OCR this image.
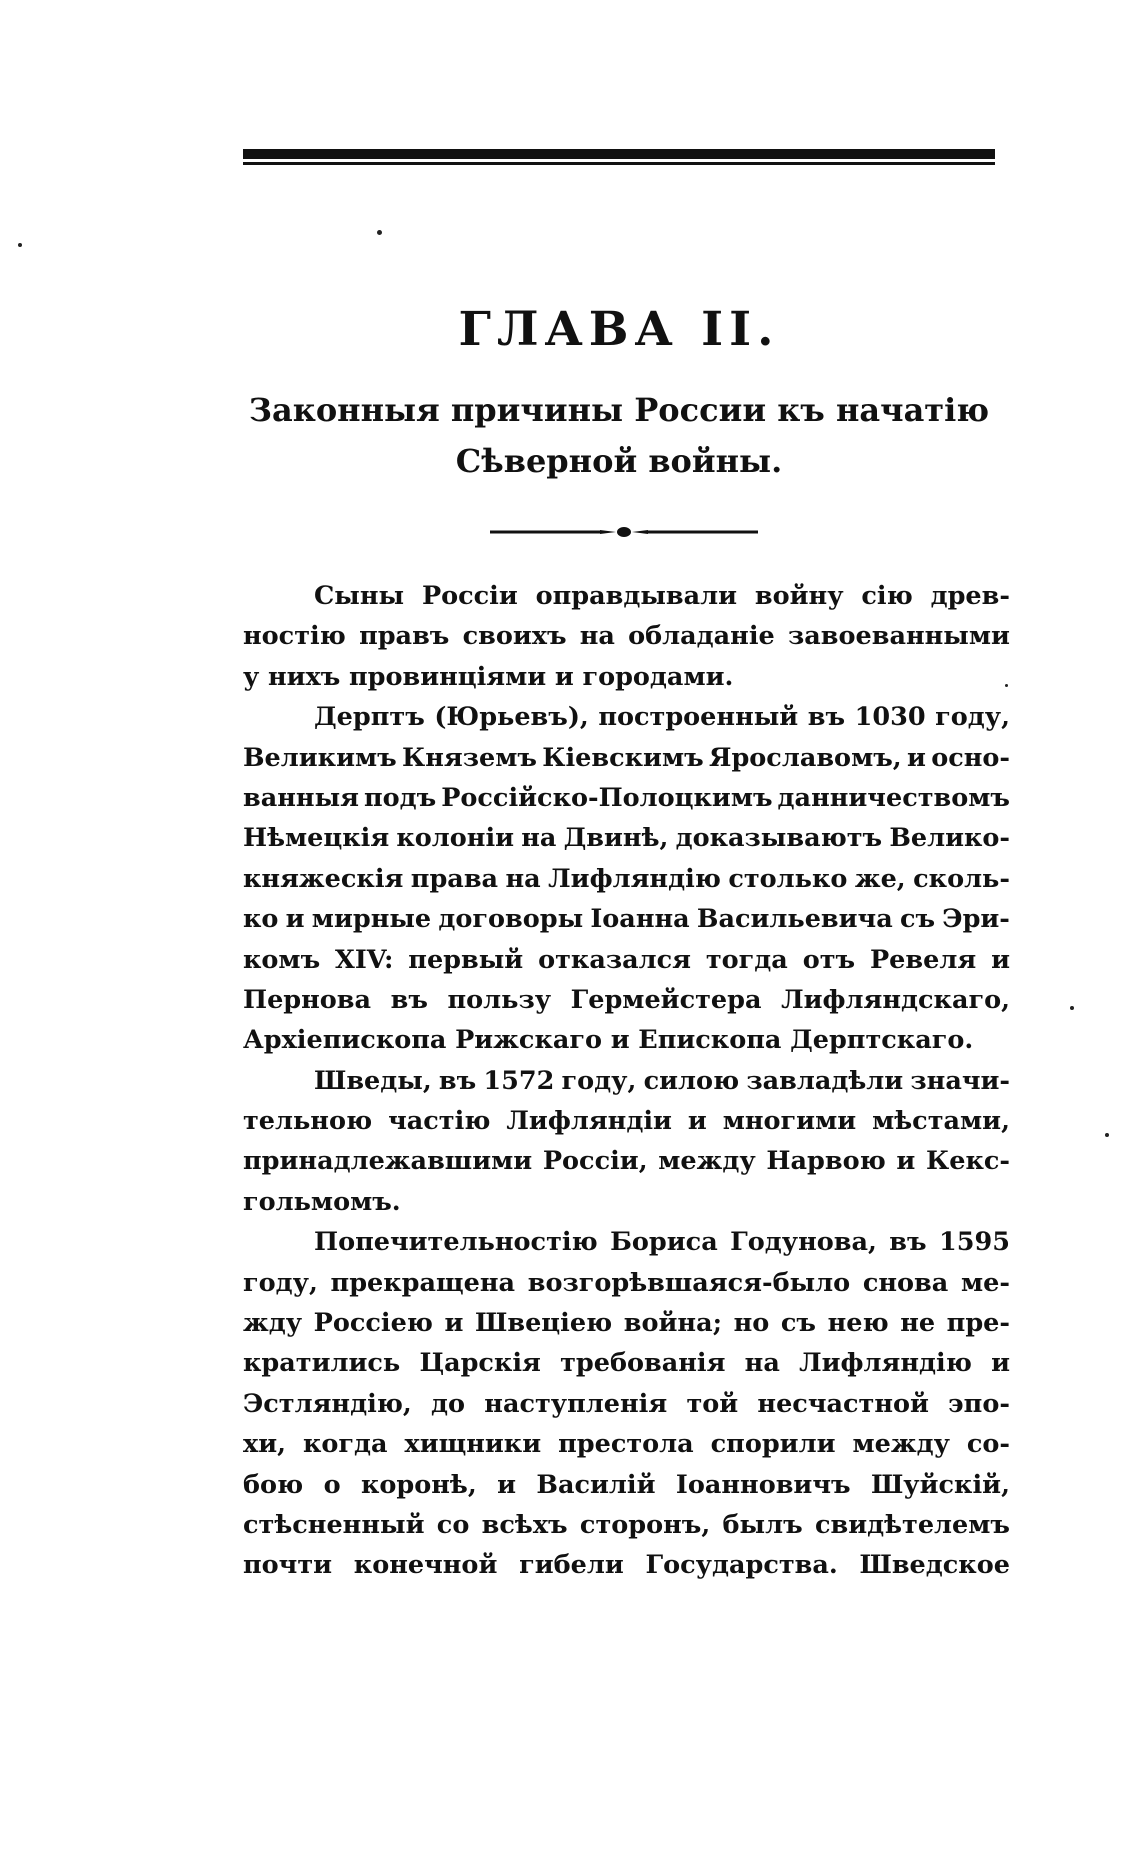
ГЛАВА II.
Законныя причины России къ начатію
Сѣверной войны.
Сыны Россіи оправдывали войну сію древ-
ностію правъ своихъ на обладаніе завоеванными
у нихъ провинціями и городами.
Дерптъ (Юрьевъ), построенный въ 1030 году,
Великимъ Княземъ Кіевскимъ Ярославомъ, и осно-
ванныя подъ Россійско-Полоцкимъ данничествомъ
Нѣмецкія колоніи на Двинѣ, доказываютъ Велико-
княжескія права на Лифляндію столько же, сколь-
ко и мирные договоры Іоанна Васильевича съ Эри-
комъ XIV: первый отказался тогда отъ Ревеля и
Пернова въ пользу Гермейстера Лифляндскаго,
Архіепископа Рижскаго и Епископа Дерптскаго.
Шведы, въ 1572 году, силою завладѣли значи-
тельною частію Лифляндіи и многими мѣстами,
принадлежавшими Россіи, между Нарвою и Кекс-
гольмомъ.
Попечительностію Бориса Годунова, въ 1595
году, прекращена возгорѣвшаяся-было снова ме-
жду Россіею и Швеціею война; но съ нею не пре-
кратились Царскія требованія на Лифляндію и
Эстляндію, до наступленія той несчастной эпо-
хи, когда хищники престола спорили между со-
бою о коронѣ, и Василій Іоанновичъ Шуйскій,
стѣсненный со всѣхъ сторонъ, былъ свидѣтелемъ
почти конечной гибели Государства. Шведское
